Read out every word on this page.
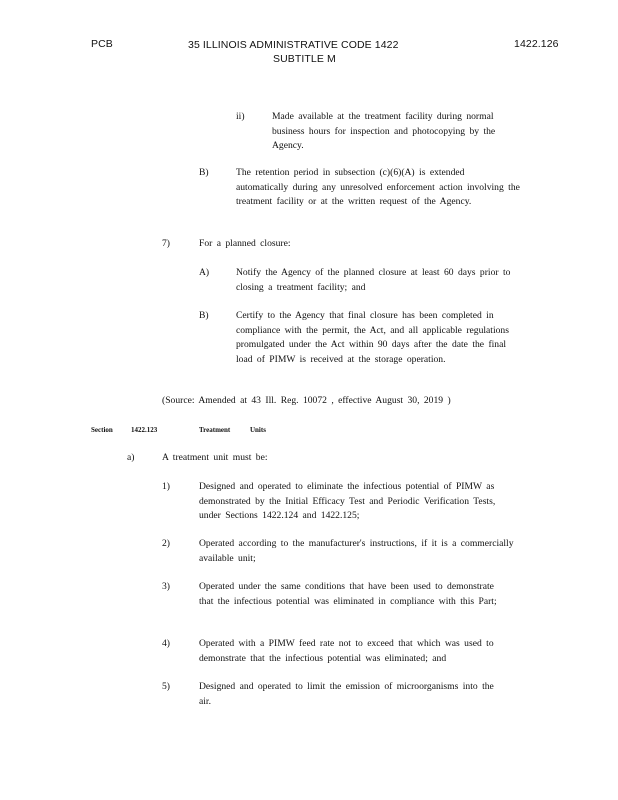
PCB	35 ILLINOIS ADMINISTRATIVE CODE 1422
SUBTITLE M
1422.126
ii)	Made available at the treatment facility during normal business hours for inspection and photocopying by the Agency.
B)	The retention period in subsection (c)(6)(A) is extended automatically during any unresolved enforcement action involving the treatment facility or at the written request of the Agency.
7)	For a planned closure:
A)	Notify the Agency of the planned closure at least 60 days prior to closing a treatment facility; and
B)	Certify to the Agency that final closure has been completed in compliance with the permit, the Act, and all applicable regulations promulgated under the Act within 90 days after the date the final load of PIMW is received at the storage operation.
(Source: Amended at 43 Ill. Reg. 10072 , effective August 30, 2019 )
Section	1422.123	Treatment Units
a)	A treatment unit must be:
1)	Designed and operated to eliminate the infectious potential of PIMW as demonstrated by the Initial Efficacy Test and Periodic Verification Tests, under Sections 1422.124 and 1422.125;
2)	Operated according to the manufacturer's instructions, if it is a commercially available unit;
3)	Operated under the same conditions that have been used to demonstrate that the infectious potential was eliminated in compliance with this Part;
4)	Operated with a PIMW feed rate not to exceed that which was used to demonstrate that the infectious potential was eliminated; and
5)	Designed and operated to limit the emission of microorganisms into the air.
